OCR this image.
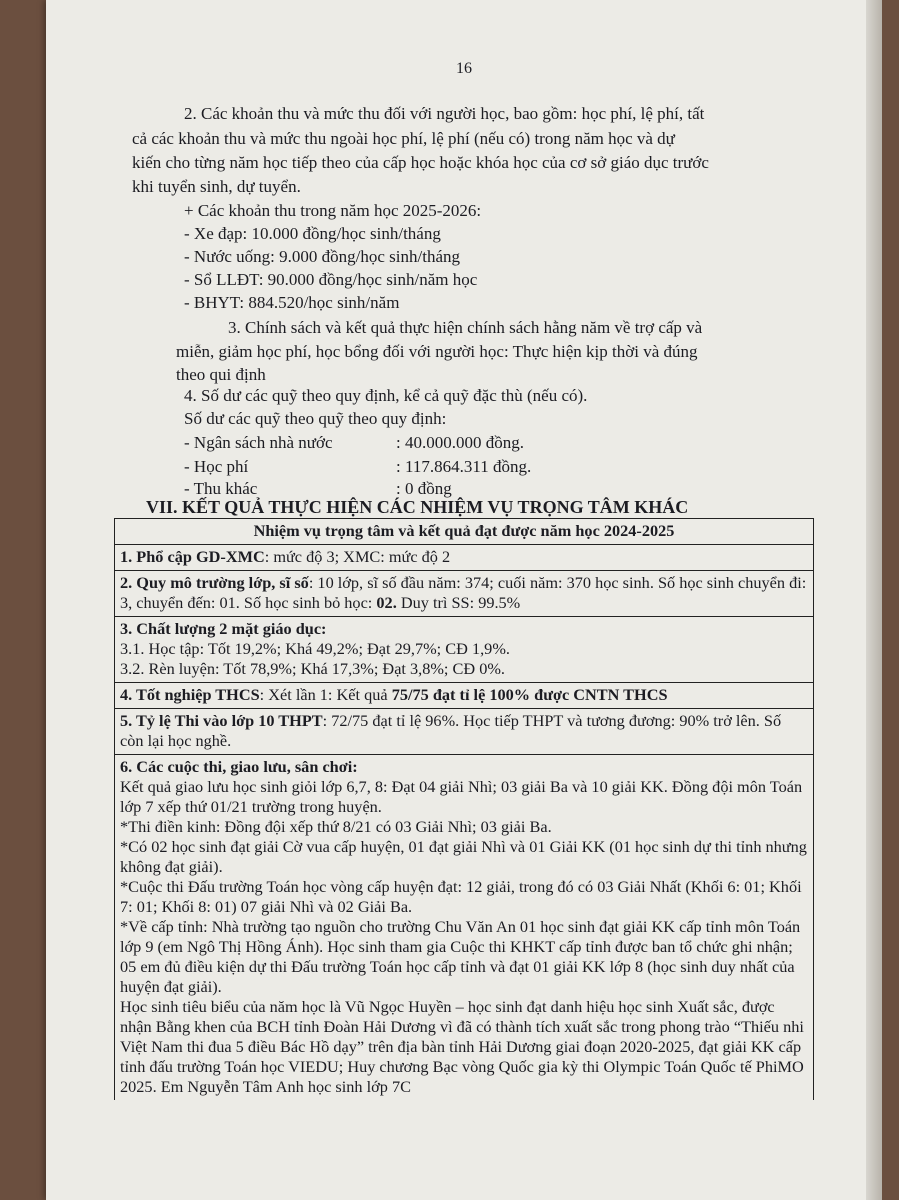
16
2. Các khoản thu và mức thu đối với người học, bao gồm: học phí, lệ phí, tất
cả các khoản thu và mức thu ngoài học phí, lệ phí (nếu có) trong năm học và dự
kiến cho từng năm học tiếp theo của cấp học hoặc khóa học của cơ sở giáo dục trước
khi tuyển sinh, dự tuyển.
+ Các khoản thu trong năm học 2025-2026:
- Xe đạp: 10.000 đồng/học sinh/tháng
- Nước uống: 9.000 đồng/học sinh/tháng
- Sổ LLĐT: 90.000 đồng/học sinh/năm học
- BHYT: 884.520/học sinh/năm
3. Chính sách và kết quả thực hiện chính sách hằng năm về trợ cấp và
miễn, giảm học phí, học bổng đối với người học: Thực hiện kịp thời và đúng
theo qui định
4. Số dư các quỹ theo quy định, kể cả quỹ đặc thù (nếu có).
Số dư các quỹ theo quỹ theo quy định:
- Ngân sách nhà nước	: 40.000.000 đồng.
- Học phí	: 117.864.311 đồng.
- Thu khác	: 0 đồng
VII. KẾT QUẢ THỰC HIỆN CÁC NHIỆM VỤ TRỌNG TÂM KHÁC
Nhiệm vụ trọng tâm và kết quả đạt được năm học 2024-2025
1. Phổ cập GD-XMC: mức độ 3; XMC: mức độ 2
2. Quy mô trường lớp, sĩ số: 10 lớp, sĩ số đầu năm: 374; cuối năm: 370 học sinh. Số học sinh chuyển đi: 3, chuyển đến: 01. Số học sinh bỏ học: 02. Duy trì SS: 99.5%

3. Chất lượng 2 mặt giáo dục:
3.1. Học tập: Tốt 19,2%; Khá 49,2%; Đạt 29,7%; CĐ 1,9%.
3.2. Rèn luyện: Tốt 78,9%; Khá 17,3%; Đạt 3,8%; CĐ 0%.

4. Tốt nghiệp THCS: Xét lần 1: Kết quả 75/75 đạt tỉ lệ 100% được CNTN THCS
5. Tỷ lệ Thi vào lớp 10 THPT: 72/75 đạt tỉ lệ 96%. Học tiếp THPT và tương đương: 90% trở lên. Số còn lại học nghề.

6. Các cuộc thi, giao lưu, sân chơi:
Kết quả giao lưu học sinh giỏi lớp 6,7, 8: Đạt 04 giải Nhì; 03 giải Ba và 10 giải KK. Đồng đội môn Toán lớp 7 xếp thứ 01/21 trường trong huyện.
*Thi điền kinh: Đồng đội xếp thứ 8/21 có 03 Giải Nhì; 03 giải Ba.
*Có 02 học sinh đạt giải Cờ vua cấp huyện, 01 đạt giải Nhì và 01 Giải KK (01 học sinh dự thi tỉnh nhưng không đạt giải).
*Cuộc thi Đấu trường Toán học vòng cấp huyện đạt: 12 giải, trong đó có 03 Giải Nhất (Khối 6: 01; Khối 7: 01; Khối 8: 01) 07 giải Nhì và 02 Giải Ba.
*Về cấp tỉnh: Nhà trường tạo nguồn cho trường Chu Văn An 01 học sinh đạt giải KK cấp tỉnh môn Toán lớp 9 (em Ngô Thị Hồng Ánh). Học sinh tham gia Cuộc thi KHKT cấp tỉnh được ban tổ chức ghi nhận; 05 em đủ điều kiện dự thi Đấu trường Toán học cấp tỉnh và đạt 01 giải KK lớp 8 (học sinh duy nhất của huyện đạt giải).
Học sinh tiêu biểu của năm học là Vũ Ngọc Huyền – học sinh đạt danh hiệu học sinh Xuất sắc, được nhận Bằng khen của BCH tỉnh Đoàn Hải Dương vì đã có thành tích xuất sắc trong phong trào “Thiếu nhi Việt Nam thi đua 5 điều Bác Hồ dạy” trên địa bàn tỉnh Hải Dương giai đoạn 2020-2025, đạt giải KK cấp tỉnh đấu trường Toán học VIEDU; Huy chương Bạc vòng Quốc gia kỳ thi Olympic Toán Quốc tế PhiMO 2025. Em Nguyễn Tâm Anh học sinh lớp 7C
